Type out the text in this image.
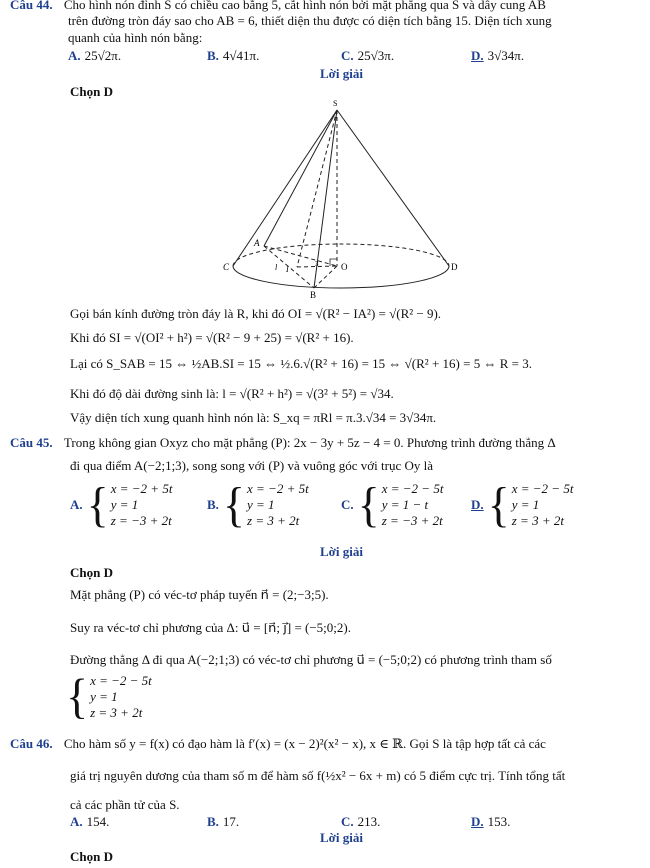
Câu 44. Cho hình nón đỉnh S có chiều cao bằng 5, cắt hình nón bởi mặt phẳng qua S và dây cung AB
trên đường tròn đáy sao cho AB = 6, thiết diện thu được có diện tích bằng 15. Diện tích xung
quanh của hình nón bằng:
A. 25√2π.	B. 4√41π.	C. 25√3π.	D. 3√34π.
Lời giải
Chọn D
S
A
C	I	O	D
B
l	3
Gọi bán kính đường tròn đáy là R, khi đó OI = √(R² − IA²) = √(R² − 9).
Khi đó SI = √(OI² + h²) = √(R² − 9 + 25) = √(R² + 16).
Lại có S_SAB = 15 ⇔ ½AB.SI = 15 ⇔ ½.6.√(R² + 16) = 15 ⇔ √(R² + 16) = 5 ⇔ R = 3.
Khi đó độ dài đường sinh là: l = √(R² + h²) = √(3² + 5²) = √34.
Vậy diện tích xung quanh hình nón là: S_xq = πRl = π.3.√34 = 3√34π.
Câu 45. Trong không gian Oxyz cho mặt phẳng (P): 2x − 3y + 5z − 4 = 0. Phương trình đường thẳng Δ
đi qua điểm A(−2;1;3), song song với (P) và vuông góc với trục Oy là
A. { x = −2 + 5t
y = 1
z = −3 + 2t
B. { x = −2 + 5t
y = 1
z = 3 + 2t
C. { x = −2 − 5t
y = 1 − t
z = −3 + 2t
D. { x = −2 − 5t
y = 1
z = 3 + 2t
Lời giải
Chọn D
Mặt phẳng (P) có véc-tơ pháp tuyến n⃗ = (2;−3;5).
Suy ra véc-tơ chỉ phương của Δ: u⃗ = [n⃗; j⃗] = (−5;0;2).
Đường thẳng Δ đi qua A(−2;1;3) có véc-tơ chỉ phương u⃗ = (−5;0;2) có phương trình tham số
{ x = −2 − 5t
y = 1
z = 3 + 2t
Câu 46. Cho hàm số y = f(x) có đạo hàm là f′(x) = (x − 2)²(x² − x), x ∈ ℝ. Gọi S là tập hợp tất cả các
giá trị nguyên dương của tham số m để hàm số f(½x² − 6x + m) có 5 điểm cực trị. Tính tổng tất
cả các phần tử của S.
A. 154.	B. 17.	C. 213.	D. 153.
Lời giải
Chọn D
